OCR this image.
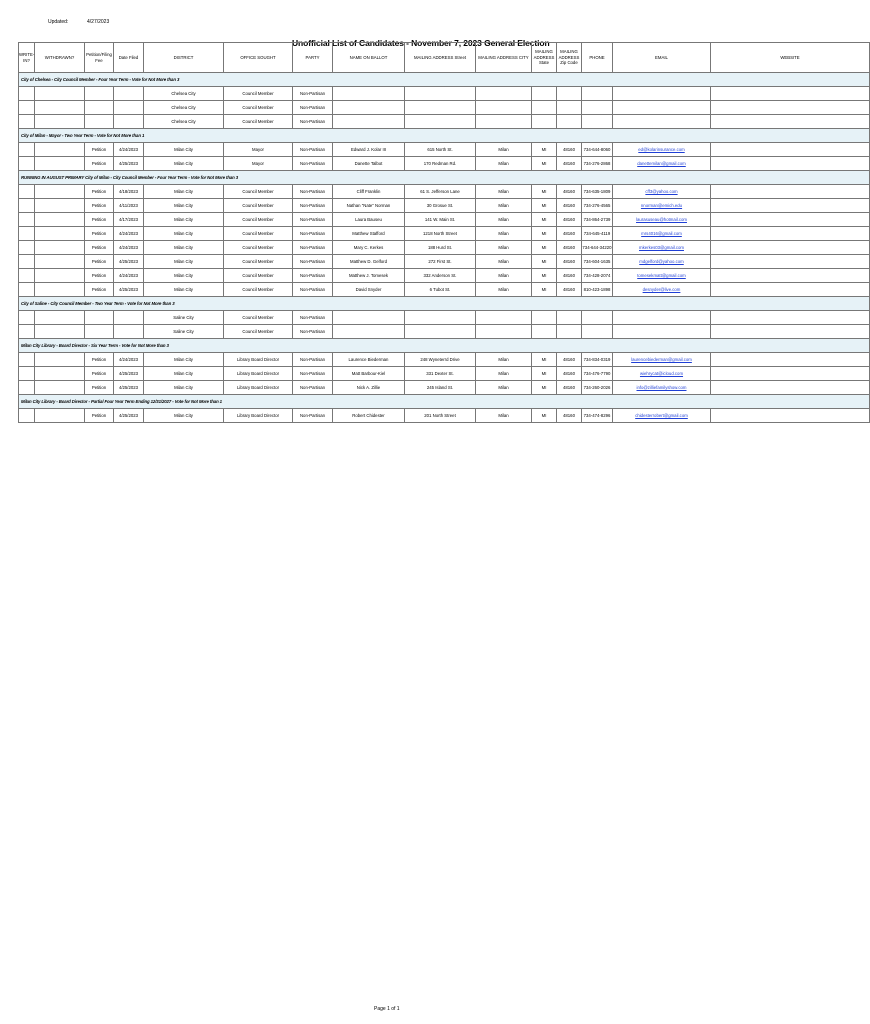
Updated:	4/27/2023
Unofficial List of Candidates - November 7, 2023 General Election
WRITE-IN?	WITHDRAWN?	Petition/Filing Fee	Date Filed	DISTRICT	OFFICE SOUGHT	PARTY	NAME ON BALLOT	MAILING ADDRESS Street	MAILING ADDRESS CITY	MAILING ADDRESS State	MAILING ADDRESS Zip Code	PHONE	EMAIL	WEBSITE
City of Chelsea - City Council Member - Four Year Term - Vote for Not More than 3														
				Chelsea City	Council Member	Non-Partisan								
				Chelsea City	Council Member	Non-Partisan								
				Chelsea City	Council Member	Non-Partisan								
City of Milan - Mayor - Two Year Term - Vote for Not More than 1														
		Petition	4/24/2023	Milan City	Mayor	Non-Partisan	Edward J. Kolar III	615 North St.	Milan	MI	48160	734-644-8060	ed@kolarinsurance.com	
		Petition	4/25/2023	Milan City	Mayor	Non-Partisan	Danette Talbot	170 Redman Rd.	Milan	MI	48160	734-276-2868	danettemilan@gmail.com	
RUNNING IN AUGUST PRIMARY City of Milan - City Council Member - Four Year Term - Vote for Not More than 3														
		Petition	4/18/2023	Milan City	Council Member	Non-Partisan	Cliff Franklin	61 S. Jefferson Lane	Milan	MI	48160	734-635-1809	cff3@yahoo.com	
		Petition	4/11/2023	Milan City	Council Member	Non-Partisan	Nathan "Nate" Norman	30 Grosue St.	Milan	MI	48160	734-276-4565	nnorman@emich.edu	
		Petition	4/17/2023	Milan City	Council Member	Non-Partisan	Laura Bauseu	141 W. Main St.	Milan	MI	48160	734-864-2739	laurasuseau@hotmail.com	
		Petition	4/24/2023	Milan City	Council Member	Non-Partisan	Matthew Stafford	1218 North Street	Milan	MI	48160	734-645-4119	mrs4016@gmail.com	
		Petition	4/24/2023	Milan City	Council Member	Non-Partisan	Mary C. Kerkes	188 Hurd St.	Milan	MI	48160	734-644-34220	mkerkes03@gmail.com	
		Petition	4/25/2023	Milan City	Council Member	Non-Partisan	Matthew D. Gelford	272 First St.	Milan	MI	48160	734-604-1635	mdgelford@yahoo.com	
		Petition	4/24/2023	Milan City	Council Member	Non-Partisan	Matthew J. Tomesek	332 Anderson St.	Milan	MI	48160	734-428-2074	tomesekmatt@gmail.com	
		Petition	4/25/2023	Milan City	Council Member	Non-Partisan	David Snyder	6 Tubot St.	Milan	MI	48160	810-423-1898	desnyder@live.com	
City of Saline - City Council Member - Two Year Term - Vote for Not More than 3														
				Saline City	Council Member	Non-Partisan								
				Saline City	Council Member	Non-Partisan								
Milan City Library - Board Director - Six Year Term - Vote for Not More than 3														
		Petition	4/24/2023	Milan City	Library Board Director	Non-Partisan	Laurence Biederman	248 Wyneterrd Drive	Milan	MI	48160	734-834-0319	laurencebiederman@gmail.com	
		Petition	4/25/2023	Milan City	Library Board Director	Non-Partisan	Matt Barbour-Kiel	331 Dexter St.	Milan	MI	48160	734-476-7790	wiehrycat@icloud.com	
		Petition	4/25/2023	Milan City	Library Board Director	Non-Partisan	Nick A. Zillie	245 Island St.	Milan	MI	48160	734-260-2026	info@zilliefamilyshow.com	
Milan City Library - Board Director - Partial Four Year Term Ending 12/31/2027 - Vote for Not More than 1														
		Petition	4/25/2023	Milan City	Library Board Director	Non-Partisan	Robert Chidester	201 North Street	Milan	MI	48160	734-474-8296	chidesterrobert@gmail.com	
Page 1 of 1
